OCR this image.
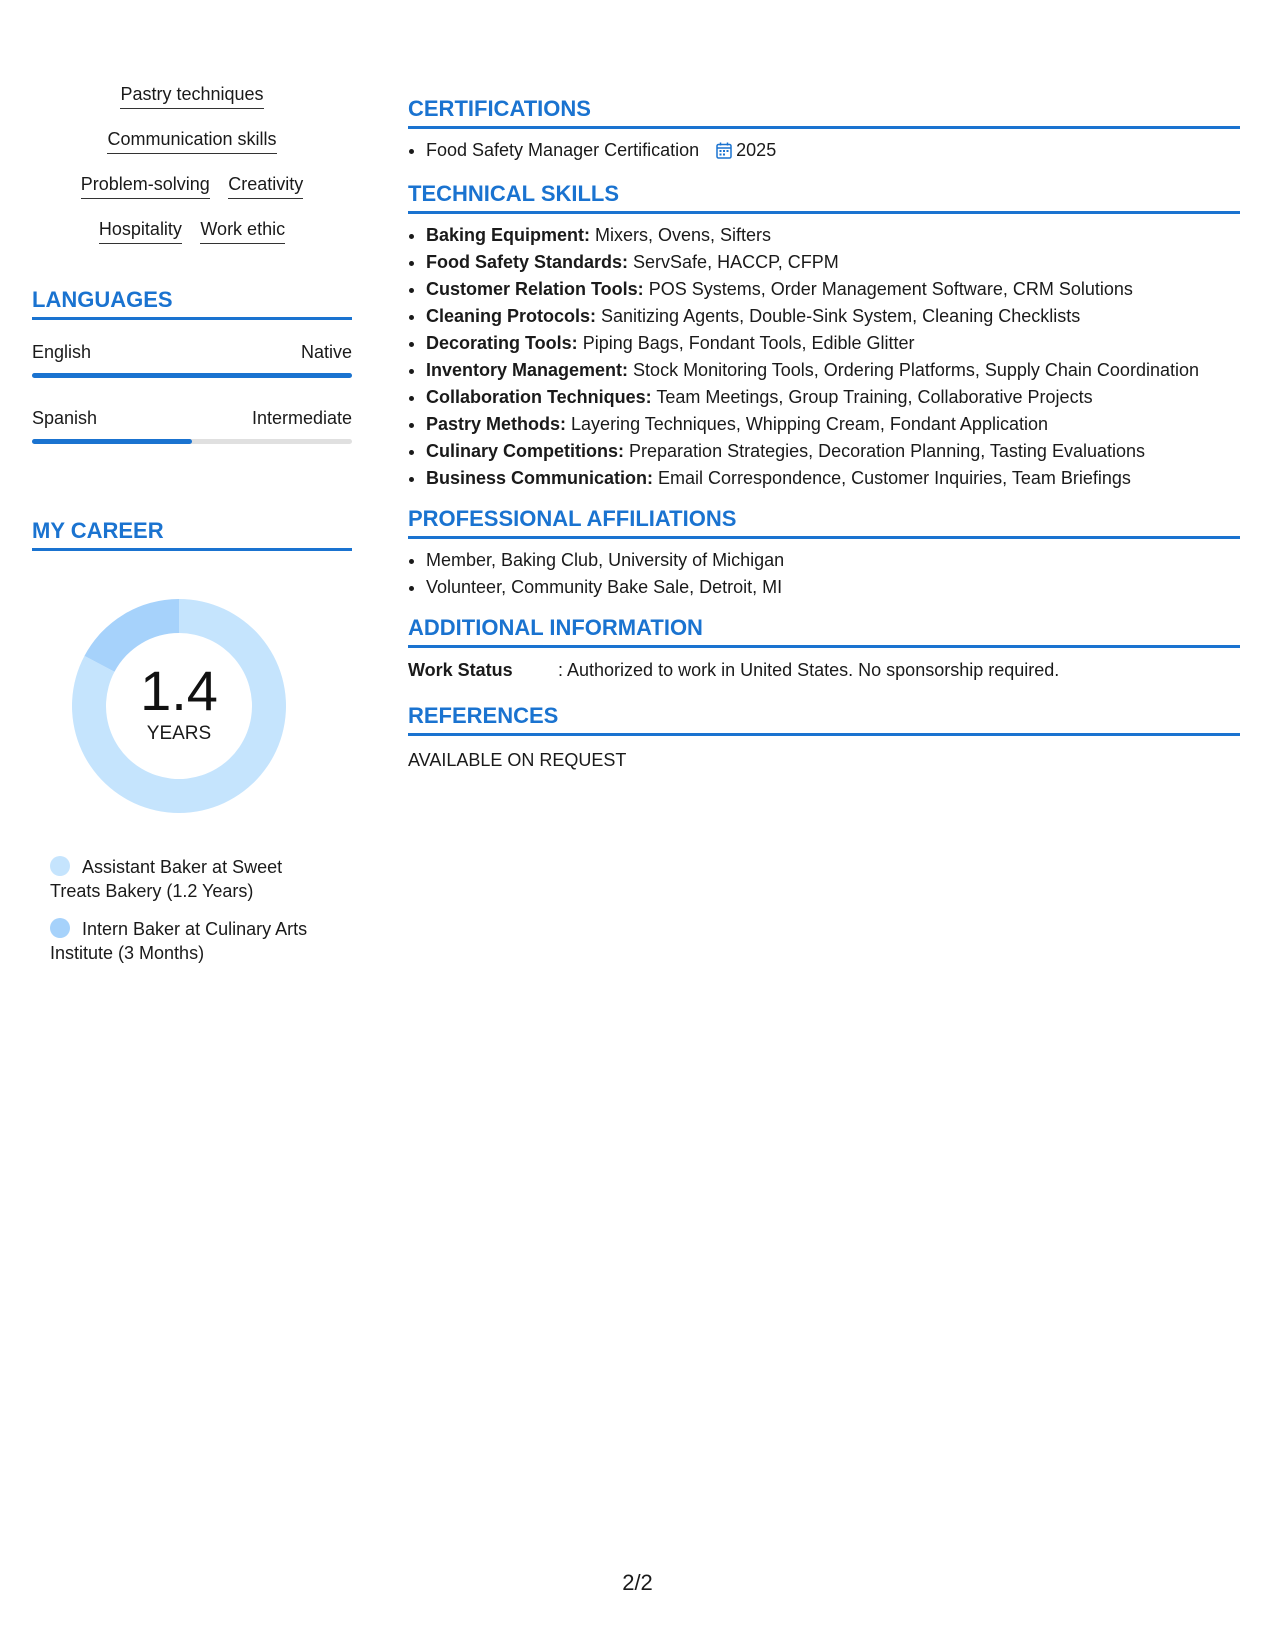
Pastry techniques
Communication skills
Problem-solving Creativity
Hospitality Work ethic
LANGUAGES
English	Native
Spanish	Intermediate
MY CAREER
1.4
YEARS
Assistant Baker at Sweet Treats Bakery (1.2 Years)
Intern Baker at Culinary Arts Institute (3 Months)
CERTIFICATIONS
• Food Safety Manager Certification 2025
TECHNICAL SKILLS
• Baking Equipment: Mixers, Ovens, Sifters
• Food Safety Standards: ServSafe, HACCP, CFPM
• Customer Relation Tools: POS Systems, Order Management Software, CRM Solutions
• Cleaning Protocols: Sanitizing Agents, Double-Sink System, Cleaning Checklists
• Decorating Tools: Piping Bags, Fondant Tools, Edible Glitter
• Inventory Management: Stock Monitoring Tools, Ordering Platforms, Supply Chain Coordination
• Collaboration Techniques: Team Meetings, Group Training, Collaborative Projects
• Pastry Methods: Layering Techniques, Whipping Cream, Fondant Application
• Culinary Competitions: Preparation Strategies, Decoration Planning, Tasting Evaluations
• Business Communication: Email Correspondence, Customer Inquiries, Team Briefings
PROFESSIONAL AFFILIATIONS
• Member, Baking Club, University of Michigan
• Volunteer, Community Bake Sale, Detroit, MI
ADDITIONAL INFORMATION
Work Status	: Authorized to work in United States. No sponsorship required.
REFERENCES
AVAILABLE ON REQUEST
2/2
